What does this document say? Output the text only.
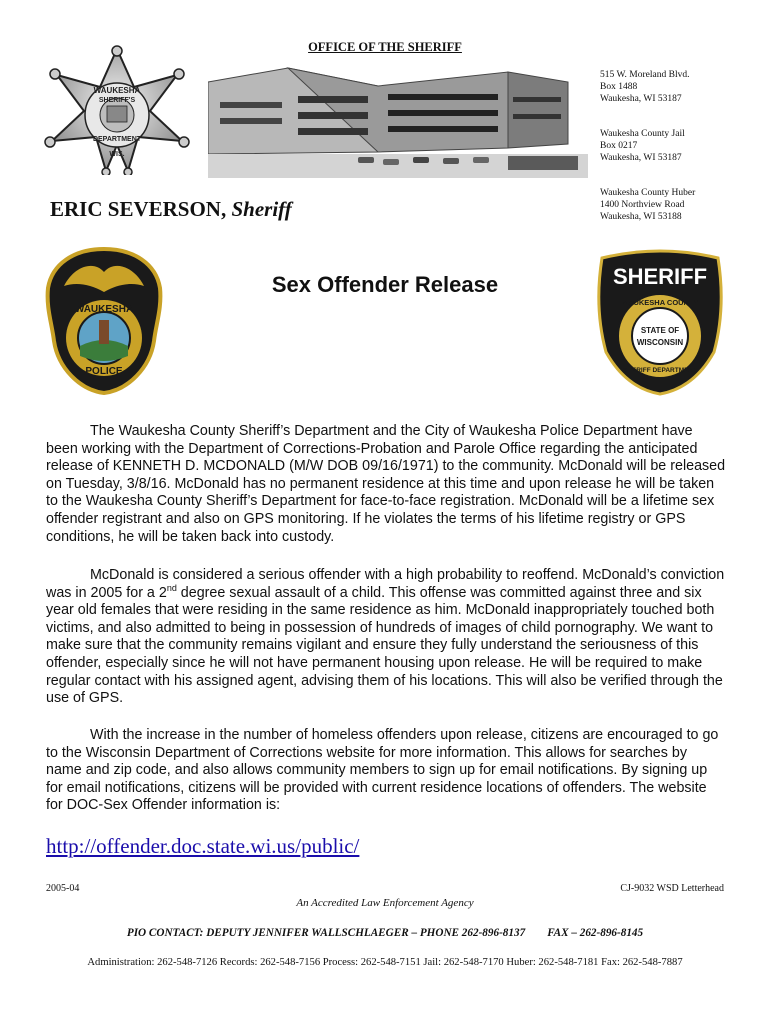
OFFICE OF THE SHERIFF
515 W. Moreland Blvd.
Box 1488
Waukesha, WI 53187
Waukesha County Jail
Box 0217
Waukesha, WI 53187
Waukesha County Huber
1400 Northview Road
Waukesha, WI 53188
WAUKESHA
SHERIFF'S
DEPARTMENT
WIS.
ERIC SEVERSON, Sheriff
WAUKESHA
POLICE
Sex Offender Release	SHERIFF
WAUKESHA COUNTY
STATE OF
WISCONSIN
SHERIFF DEPARTMENT

The Waukesha County Sheriff’s Department and the City of Waukesha Police Department have been working with the Department of Corrections-Probation and Parole Office regarding the anticipated release of KENNETH D. MCDONALD (M/W DOB 09/16/1971) to the community. McDonald will be released on Tuesday, 3/8/16. McDonald has no permanent residence at this time and upon release he will be taken to the Waukesha County Sheriff’s Department for face-to-face registration. McDonald will be a lifetime sex offender registrant and also on GPS monitoring. If he violates the terms of his lifetime registry or GPS conditions, he will be taken back into custody.

McDonald is considered a serious offender with a high probability to reoffend. McDonald’s conviction was in 2005 for a 2nd degree sexual assault of a child. This offense was committed against three and six year old females that were residing in the same residence as him. McDonald inappropriately touched both victims, and also admitted to being in possession of hundreds of images of child pornography. We want to make sure that the community remains vigilant and ensure they fully understand the seriousness of this offender, especially since he will not have permanent housing upon release. He will be required to make regular contact with his assigned agent, advising them of his locations. This will also be verified through the use of GPS.

With the increase in the number of homeless offenders upon release, citizens are encouraged to go to the Wisconsin Department of Corrections website for more information. This allows for searches by name and zip code, and also allows community members to sign up for email notifications. By signing up for email notifications, citizens will be provided with current residence locations of offenders. The website for DOC-Sex Offender information is:

http://offender.doc.state.wi.us/public/
2005-04	CJ-9032 WSD Letterhead
An Accredited Law Enforcement Agency
PIO CONTACT: DEPUTY JENNIFER WALLSCHLAEGER – PHONE 262-896-8137 FAX – 262-896-8145
Administration: 262-548-7126 Records: 262-548-7156 Process: 262-548-7151 Jail: 262-548-7170 Huber: 262-548-7181 Fax: 262-548-7887
